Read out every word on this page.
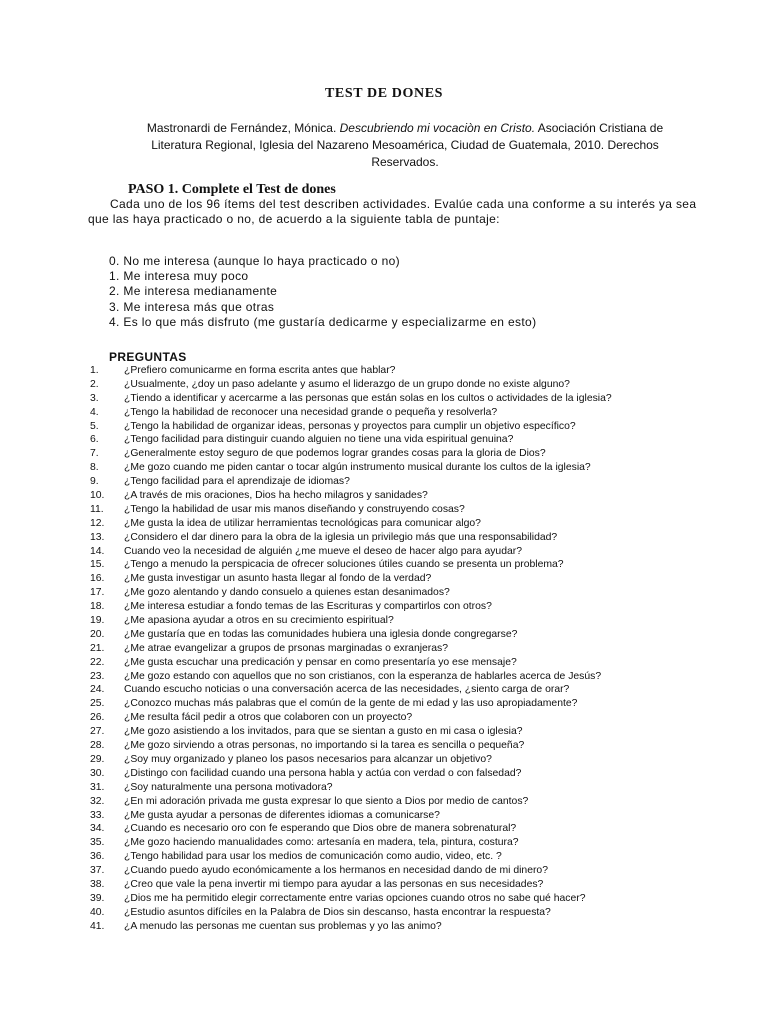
TEST DE DONES

Mastronardi de Fernández, Mónica. Descubriendo mi vocaciòn en Cristo. Asociación Cristiana de Literatura Regional, Iglesia del Nazareno Mesoamérica, Ciudad de Guatemala, 2010. Derechos Reservados.

PASO 1. Complete el Test de dones

Cada uno de los 96 ítems del test describen actividades. Evalúe cada una conforme a su interés ya sea que las haya practicado o no, de acuerdo a la siguiente tabla de puntaje:

0. No me interesa (aunque lo haya practicado o no)
1. Me interesa muy poco
2. Me interesa medianamente
3. Me interesa más que otras
4. Es lo que más disfruto (me gustaría dedicarme y especializarme en esto)
PREGUNTAS
1. ¿Prefiero comunicarme en forma escrita antes que hablar?
2. ¿Usualmente, ¿doy un paso adelante y asumo el liderazgo de un grupo donde no existe alguno?
3. ¿Tiendo a identificar y acercarme a las personas que están solas en los cultos o actividades de la iglesia?
4. ¿Tengo la habilidad de reconocer una necesidad grande o pequeña y resolverla?
5. ¿Tengo la habilidad de organizar ideas, personas y proyectos para cumplir un objetivo específico?
6. ¿Tengo facilidad para distinguir cuando alguien no tiene una vida espiritual genuina?
7. ¿Generalmente estoy seguro de que podemos lograr grandes cosas para la gloria de Dios?
8. ¿Me gozo cuando me piden cantar o tocar algún instrumento musical durante los cultos de la iglesia?
9. ¿Tengo facilidad para el aprendizaje de idiomas?
10. ¿A través de mis oraciones, Dios ha hecho milagros y sanidades?
11. ¿Tengo la habilidad de usar mis manos diseñando y construyendo cosas?
12. ¿Me gusta la idea de utilizar herramientas tecnológicas para comunicar algo?
13. ¿Considero el dar dinero para la obra de la iglesia un privilegio más que una responsabilidad?
14. Cuando veo la necesidad de alguién ¿me mueve el deseo de hacer algo para ayudar?
15. ¿Tengo a menudo la perspicacia de ofrecer soluciones útiles cuando se presenta un problema?
16. ¿Me gusta investigar un asunto hasta llegar al fondo de la verdad?
17. ¿Me gozo alentando y dando consuelo a quienes estan desanimados?
18. ¿Me interesa estudiar a fondo temas de las Escrituras y compartirlos con otros?
19. ¿Me apasiona ayudar a otros en su crecimiento espiritual?
20. ¿Me gustaría que en todas las comunidades hubiera una iglesia donde congregarse?
21. ¿Me atrae evangelizar a grupos de prsonas marginadas o exranjeras?
22. ¿Me gusta escuchar una predicación y pensar en como presentaría yo ese mensaje?
23. ¿Me gozo estando con aquellos que no son cristianos, con la esperanza de hablarles acerca de Jesús?
24. Cuando escucho noticias o una conversación acerca de las necesidades, ¿siento carga de orar?
25. ¿Conozco muchas más palabras que el común de la gente de mi edad y las uso apropiadamente?
26. ¿Me resulta fácil pedir a otros que colaboren con un proyecto?
27. ¿Me gozo asistiendo a los invitados, para que se sientan a gusto en mi casa o iglesia?
28. ¿Me gozo sirviendo a otras personas, no importando si la tarea es sencilla o pequeña?
29. ¿Soy muy organizado y planeo los pasos necesarios para alcanzar un objetivo?
30. ¿Distingo con facilidad cuando una persona habla y actúa con verdad o con falsedad?
31. ¿Soy naturalmente una persona motivadora?
32. ¿En mi adoración privada me gusta expresar lo que siento a Dios por medio de cantos?
33. ¿Me gusta ayudar a personas de diferentes idiomas a comunicarse?
34. ¿Cuando es necesario oro con fe esperando que Dios obre de manera sobrenatural?
35. ¿Me gozo haciendo manualidades como: artesanía en madera, tela, pintura, costura?
36. ¿Tengo habilidad para usar los medios de comunicación como audio, video, etc. ?
37. ¿Cuando puedo ayudo económicamente a los hermanos en necesidad dando de mi dinero?
38. ¿Creo que vale la pena invertir mi tiempo para ayudar a las personas en sus necesidades?
39. ¿Dios me ha permitido elegir correctamente entre varias opciones cuando otros no sabe qué hacer?
40. ¿Estudio asuntos difíciles en la Palabra de Dios sin descanso, hasta encontrar la respuesta?
41. ¿A menudo las personas me cuentan sus problemas y yo las animo?
